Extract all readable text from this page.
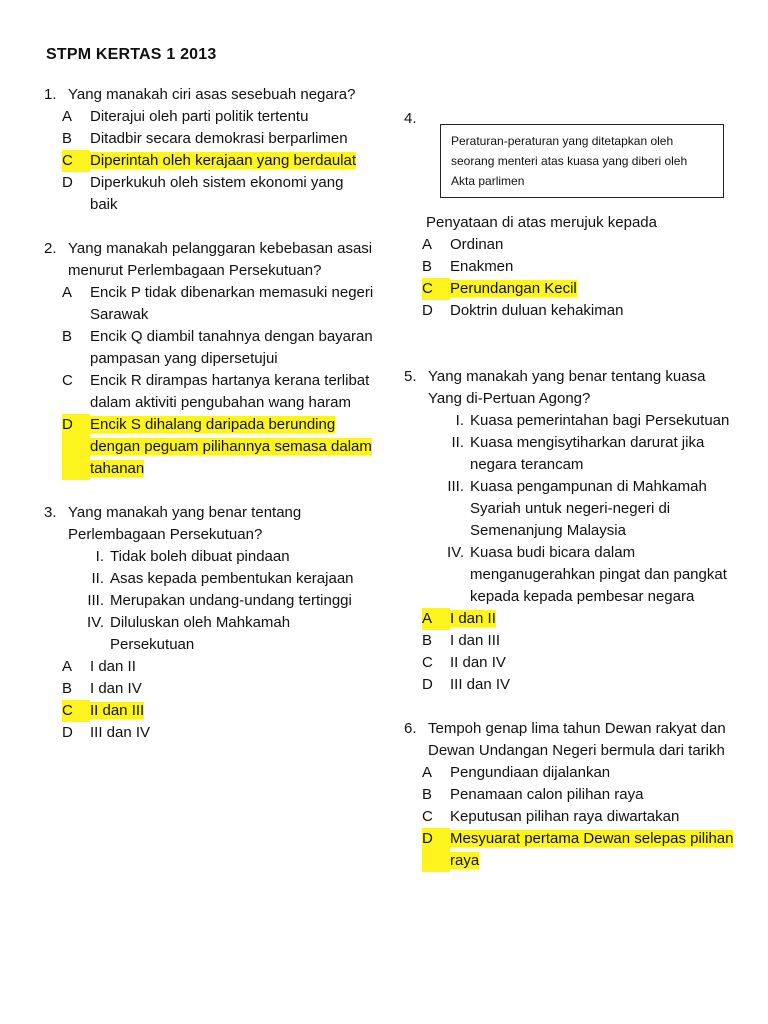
STPM KERTAS 1 2013
1. Yang manakah ciri asas sesebuah negara?
A	Diterajui oleh parti politik tertentu
B	Ditadbir secara demokrasi berparlimen
C	Diperintah oleh kerajaan yang berdaulat
D	Diperkukuh oleh sistem ekonomi yang baik
2. Yang manakah pelanggaran kebebasan asasi menurut Perlembagaan Persekutuan?
A	Encik P tidak dibenarkan memasuki negeri Sarawak
B	Encik Q diambil tanahnya dengan bayaran pampasan yang dipersetujui
C	Encik R dirampas hartanya kerana terlibat dalam aktiviti pengubahan wang haram
D	Encik S dihalang daripada berunding dengan peguam pilihannya semasa dalam tahanan
3. Yang manakah yang benar tentang Perlembagaan Persekutuan?
I. Tidak boleh dibuat pindaan
II. Asas kepada pembentukan kerajaan
III. Merupakan undang-undang tertinggi
IV. Diluluskan oleh Mahkamah Persekutuan
A	I dan II
B	I dan IV
C	II dan III
D	III dan IV
4.
Peraturan-peraturan yang ditetapkan oleh seorang menteri atas kuasa yang diberi oleh Akta parlimen
Penyataan di atas merujuk kepada
A	Ordinan
B	Enakmen
C	Perundangan Kecil
D	Doktrin duluan kehakiman
5. Yang manakah yang benar tentang kuasa Yang di-Pertuan Agong?
I. Kuasa pemerintahan bagi Persekutuan
II. Kuasa mengisytiharkan darurat jika negara terancam
III. Kuasa pengampunan di Mahkamah Syariah untuk negeri-negeri di Semenanjung Malaysia
IV. Kuasa budi bicara dalam menganugerahkan pingat dan pangkat kepada kepada pembesar negara
A	I dan II
B	I dan III
C	II dan IV
D	III dan IV
6. Tempoh genap lima tahun Dewan rakyat dan Dewan Undangan Negeri bermula dari tarikh
A	Pengundiaan dijalankan
B	Penamaan calon pilihan raya
C	Keputusan pilihan raya diwartakan
D	Mesyuarat pertama Dewan selepas pilihan raya
